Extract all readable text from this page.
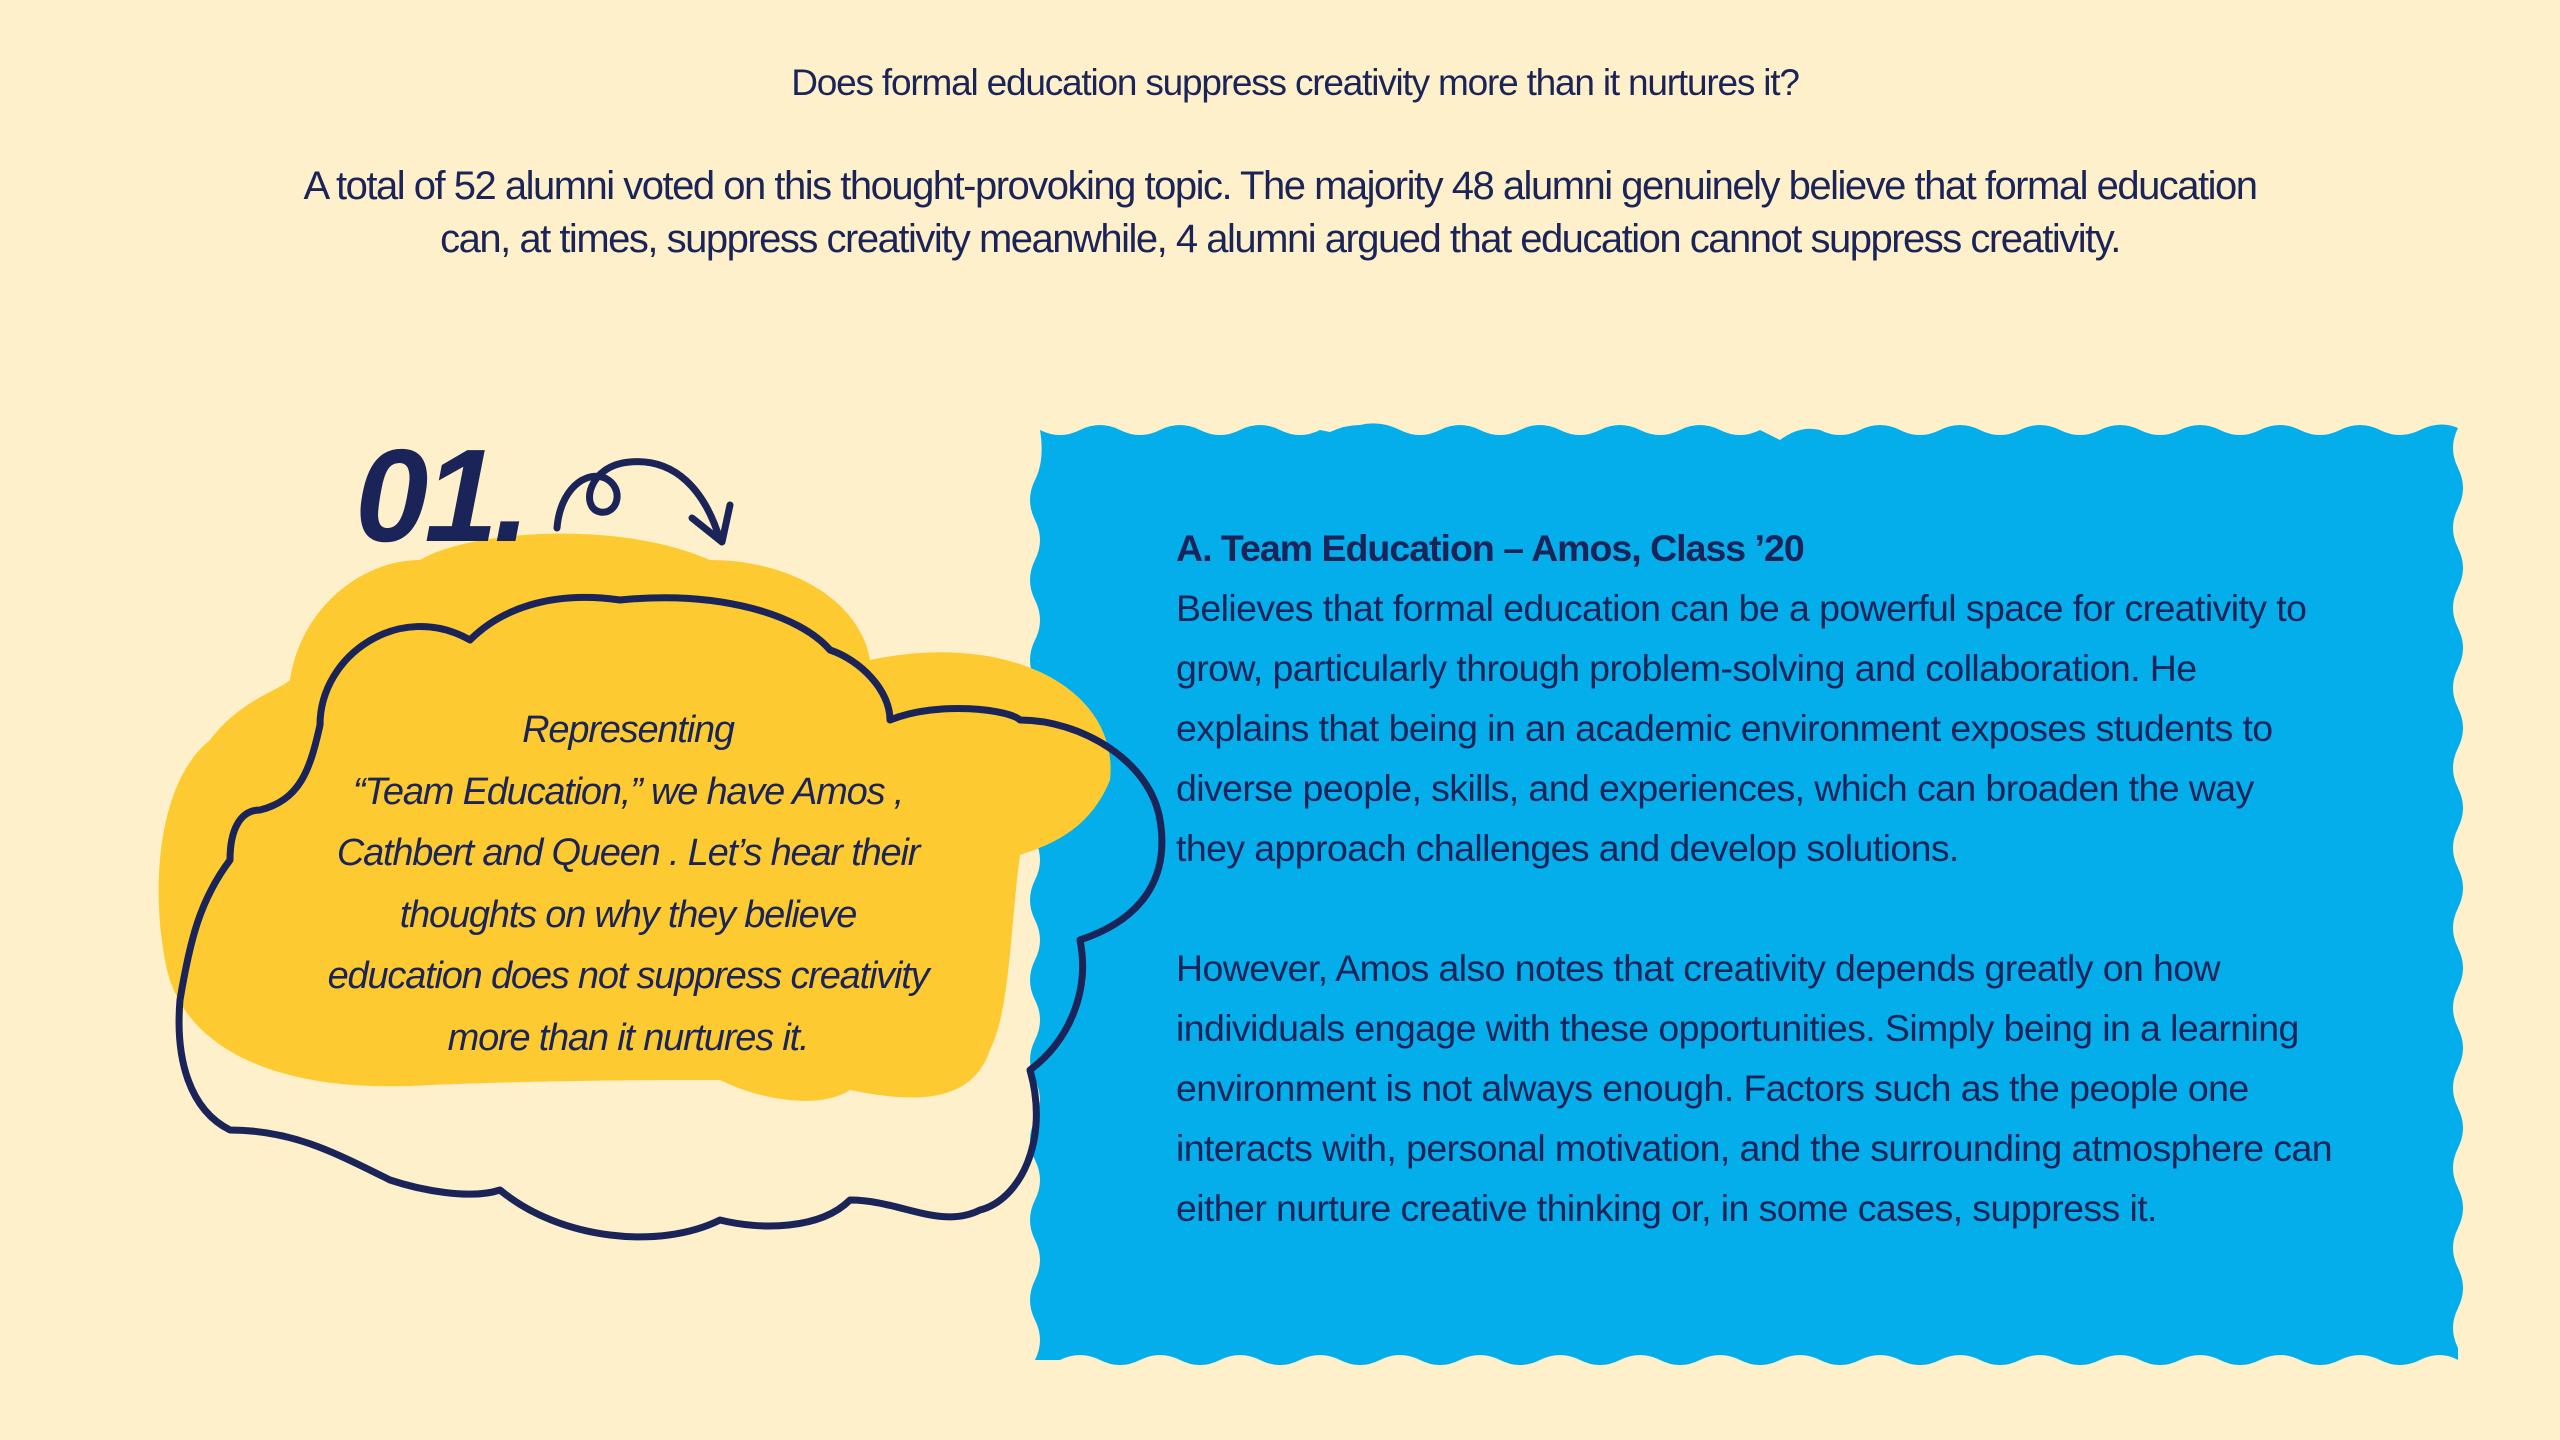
Does formal education suppress creativity more than it nurtures it?

A total of 52 alumni voted on this thought-provoking topic. The majority 48 alumni genuinely believe that formal education
can, at times, suppress creativity meanwhile, 4 alumni argued that education cannot suppress creativity.

01.

Representing
“Team Education,” we have Amos ,
Cathbert and Queen . Let’s hear their
thoughts on why they believe
education does not suppress creativity
more than it nurtures it.
A. Team Education – Amos, Class ’20
Believes that formal education can be a powerful space for creativity to
grow, particularly through problem-solving and collaboration. He
explains that being in an academic environment exposes students to
diverse people, skills, and experiences, which can broaden the way
they approach challenges and develop solutions.
However, Amos also notes that creativity depends greatly on how
individuals engage with these opportunities. Simply being in a learning
environment is not always enough. Factors such as the people one
interacts with, personal motivation, and the surrounding atmosphere can
either nurture creative thinking or, in some cases, suppress it.
